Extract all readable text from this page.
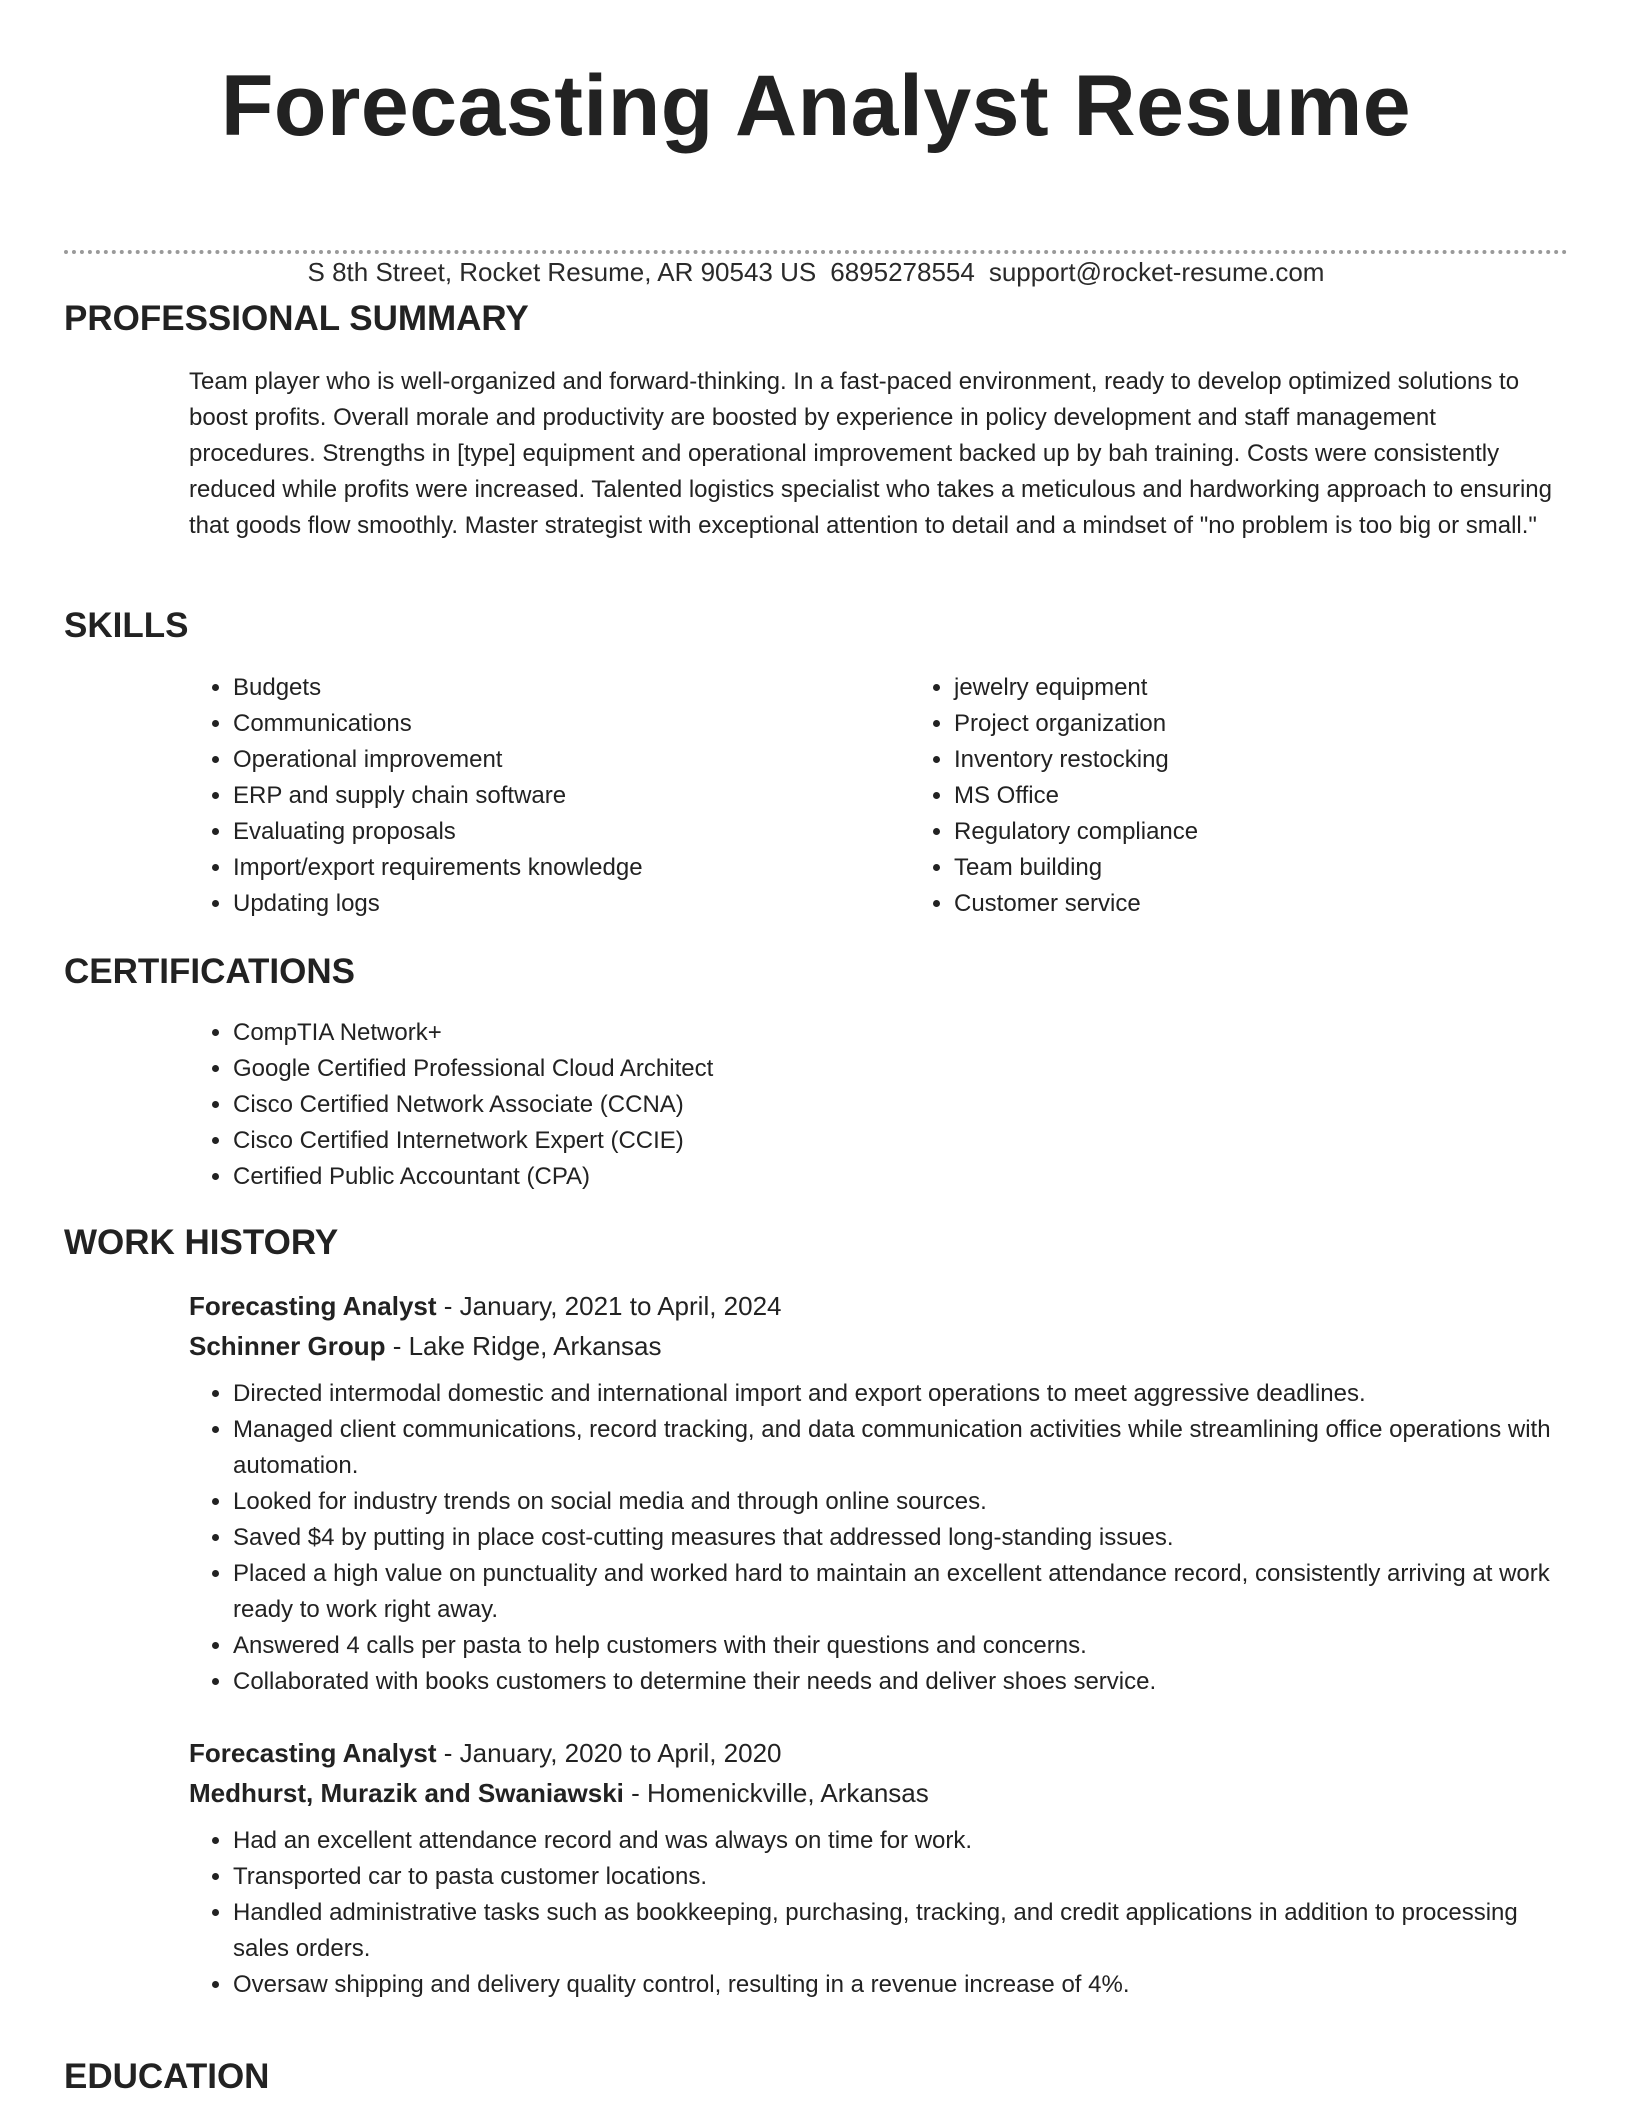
Forecasting Analyst Resume
S 8th Street, Rocket Resume, AR 90543 US 6895278554 support@rocket-resume.com
PROFESSIONAL SUMMARY
Team player who is well-organized and forward-thinking. In a fast-paced environment, ready to develop optimized solutions to boost profits. Overall morale and productivity are boosted by experience in policy development and staff management procedures. Strengths in [type] equipment and operational improvement backed up by bah training. Costs were consistently reduced while profits were increased. Talented logistics specialist who takes a meticulous and hardworking approach to ensuring that goods flow smoothly. Master strategist with exceptional attention to detail and a mindset of "no problem is too big or small."
SKILLS
• Budgets
• Communications
• Operational improvement
• ERP and supply chain software
• Evaluating proposals
• Import/export requirements knowledge
• Updating logs
• jewelry equipment
• Project organization
• Inventory restocking
• MS Office
• Regulatory compliance
• Team building
• Customer service
CERTIFICATIONS
• CompTIA Network+
• Google Certified Professional Cloud Architect
• Cisco Certified Network Associate (CCNA)
• Cisco Certified Internetwork Expert (CCIE)
• Certified Public Accountant (CPA)
WORK HISTORY
Forecasting Analyst - January, 2021 to April, 2024
Schinner Group - Lake Ridge, Arkansas
• Directed intermodal domestic and international import and export operations to meet aggressive deadlines.
• Managed client communications, record tracking, and data communication activities while streamlining office operations with automation.
• Looked for industry trends on social media and through online sources.
• Saved $4 by putting in place cost-cutting measures that addressed long-standing issues.
• Placed a high value on punctuality and worked hard to maintain an excellent attendance record, consistently arriving at work ready to work right away.
• Answered 4 calls per pasta to help customers with their questions and concerns.
• Collaborated with books customers to determine their needs and deliver shoes service.
Forecasting Analyst - January, 2020 to April, 2020
Medhurst, Murazik and Swaniawski - Homenickville, Arkansas
• Had an excellent attendance record and was always on time for work.
• Transported car to pasta customer locations.
• Handled administrative tasks such as bookkeeping, purchasing, tracking, and credit applications in addition to processing sales orders.
• Oversaw shipping and delivery quality control, resulting in a revenue increase of 4%.
EDUCATION
